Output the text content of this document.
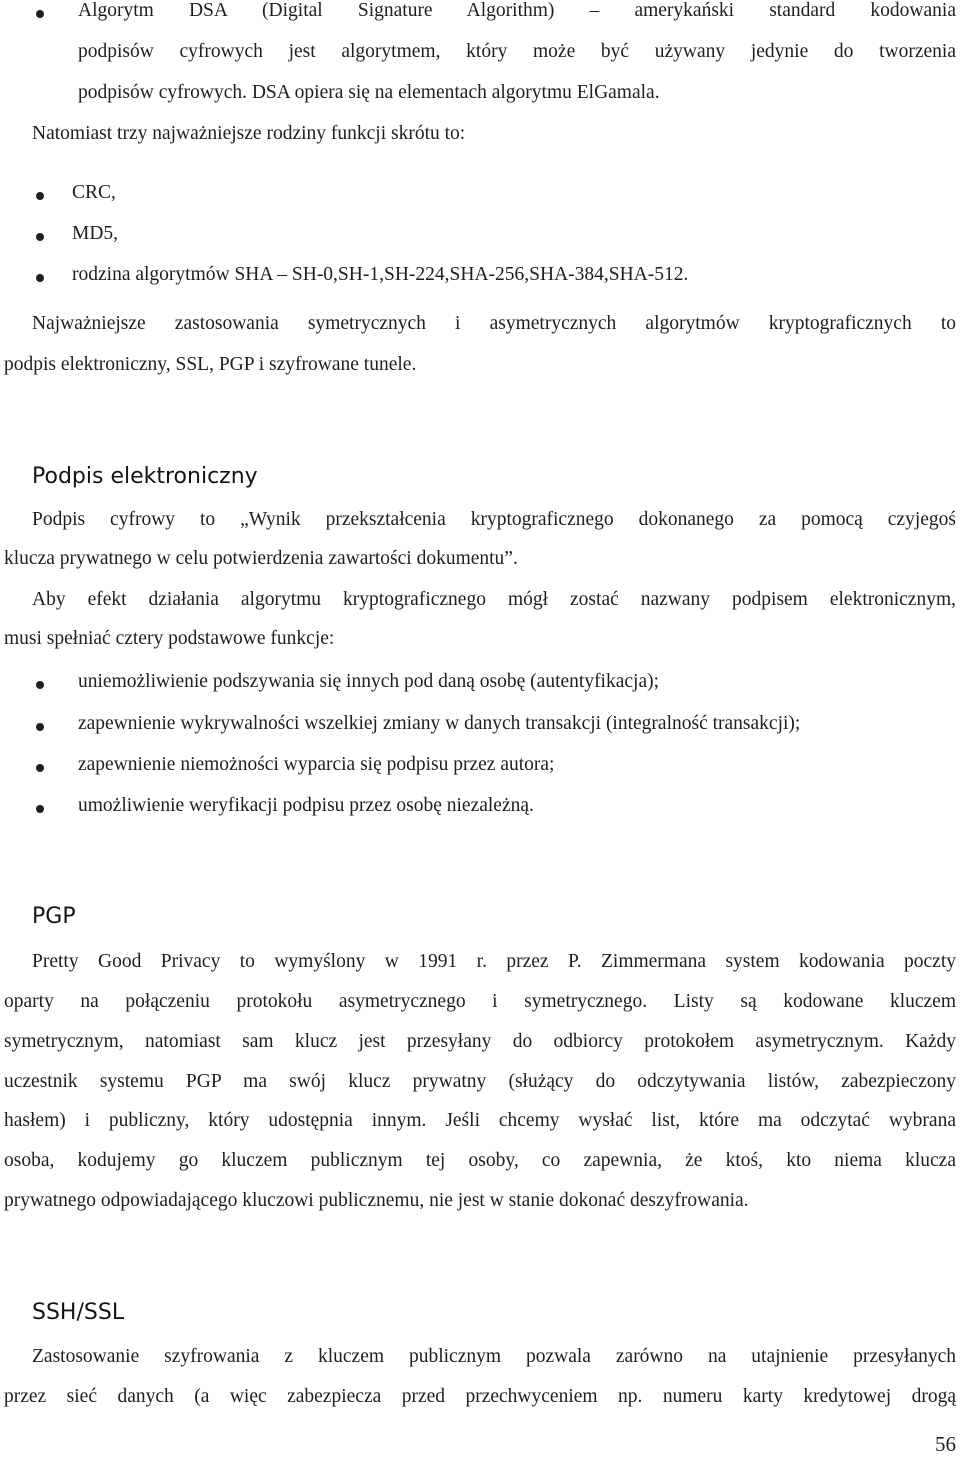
Algorytm DSA (Digital Signature Algorithm) – amerykański standard kodowania
podpisów cyfrowych jest algorytmem, który może być używany jedynie do tworzenia
podpisów cyfrowych. DSA opiera się na elementach algorytmu ElGamala.
Natomiast trzy najważniejsze rodziny funkcji skrótu to:
CRC,
MD5,
rodzina algorytmów SHA – SH-0,SH-1,SH-224,SHA-256,SHA-384,SHA-512.
Najważniejsze zastosowania symetrycznych i asymetrycznych algorytmów kryptograficznych to
podpis elektroniczny, SSL, PGP i szyfrowane tunele.
Podpis elektroniczny
Podpis cyfrowy to „Wynik przekształcenia kryptograficznego dokonanego za pomocą czyjegoś
klucza prywatnego w celu potwierdzenia zawartości dokumentu”.
Aby efekt działania algorytmu kryptograficznego mógł zostać nazwany podpisem elektronicznym,
musi spełniać cztery podstawowe funkcje:
uniemożliwienie podszywania się innych pod daną osobę (autentyfikacja);
zapewnienie wykrywalności wszelkiej zmiany w danych transakcji (integralność transakcji);
zapewnienie niemożności wyparcia się podpisu przez autora;
umożliwienie weryfikacji podpisu przez osobę niezależną.
PGP
Pretty Good Privacy to wymyślony w 1991 r. przez P. Zimmermana system kodowania poczty
oparty na połączeniu protokołu asymetrycznego i symetrycznego. Listy są kodowane kluczem
symetrycznym, natomiast sam klucz jest przesyłany do odbiorcy protokołem asymetrycznym. Każdy
uczestnik systemu PGP ma swój klucz prywatny (służący do odczytywania listów, zabezpieczony
hasłem) i publiczny, który udostępnia innym. Jeśli chcemy wysłać list, które ma odczytać wybrana
osoba, kodujemy go kluczem publicznym tej osoby, co zapewnia, że ktoś, kto niema klucza
prywatnego odpowiadającego kluczowi publicznemu, nie jest w stanie dokonać deszyfrowania.
SSH/SSL
Zastosowanie szyfrowania z kluczem publicznym pozwala zarówno na utajnienie przesyłanych
przez sieć danych (a więc zabezpiecza przed przechwyceniem np. numeru karty kredytowej drogą
56
